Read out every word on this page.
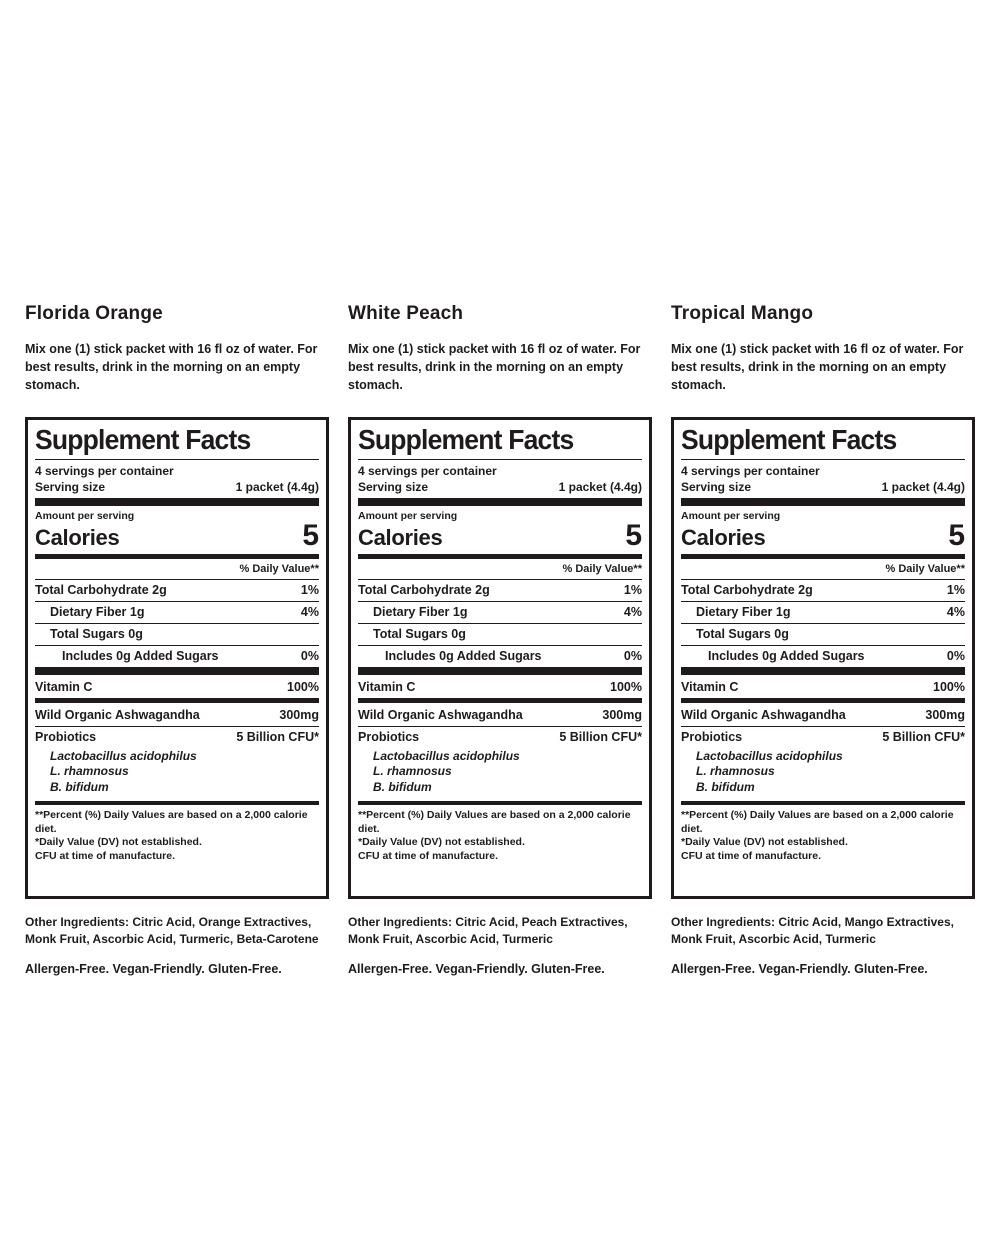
Florida Orange

Mix one (1) stick packet with 16 fl oz of water. For best results, drink in the morning on an empty stomach.

Supplement Facts
4 servings per container
Serving size	1 packet (4.4g)
Amount per serving
Calories	5
% Daily Value**
Total Carbohydrate 2g	1%
Dietary Fiber 1g	4%
Total Sugars 0g
Includes 0g Added Sugars	0%
Vitamin C	100%
Wild Organic Ashwagandha	300mg
Probiotics	5 Billion CFU*
Lactobacillus acidophilus
L. rhamnosus
B. bifidum
**Percent (%) Daily Values are based on a 2,000 calorie diet.
*Daily Value (DV) not established.
CFU at time of manufacture.

Other Ingredients: Citric Acid, Orange Extractives, Monk Fruit, Ascorbic Acid, Turmeric, Beta-Carotene

Allergen-Free. Vegan-Friendly. Gluten-Free.

White Peach

Mix one (1) stick packet with 16 fl oz of water. For best results, drink in the morning on an empty stomach.

Supplement Facts
4 servings per container
Serving size	1 packet (4.4g)
Amount per serving
Calories	5
% Daily Value**
Total Carbohydrate 2g	1%
Dietary Fiber 1g	4%
Total Sugars 0g
Includes 0g Added Sugars	0%
Vitamin C	100%
Wild Organic Ashwagandha	300mg
Probiotics	5 Billion CFU*
Lactobacillus acidophilus
L. rhamnosus
B. bifidum
**Percent (%) Daily Values are based on a 2,000 calorie diet.
*Daily Value (DV) not established.
CFU at time of manufacture.

Other Ingredients: Citric Acid, Peach Extractives, Monk Fruit, Ascorbic Acid, Turmeric

Allergen-Free. Vegan-Friendly. Gluten-Free.

Tropical Mango

Mix one (1) stick packet with 16 fl oz of water. For best results, drink in the morning on an empty stomach.

Supplement Facts
4 servings per container
Serving size	1 packet (4.4g)
Amount per serving
Calories	5
% Daily Value**
Total Carbohydrate 2g	1%
Dietary Fiber 1g	4%
Total Sugars 0g
Includes 0g Added Sugars	0%
Vitamin C	100%
Wild Organic Ashwagandha	300mg
Probiotics	5 Billion CFU*
Lactobacillus acidophilus
L. rhamnosus
B. bifidum
**Percent (%) Daily Values are based on a 2,000 calorie diet.
*Daily Value (DV) not established.
CFU at time of manufacture.

Other Ingredients: Citric Acid, Mango Extractives, Monk Fruit, Ascorbic Acid, Turmeric

Allergen-Free. Vegan-Friendly. Gluten-Free.
